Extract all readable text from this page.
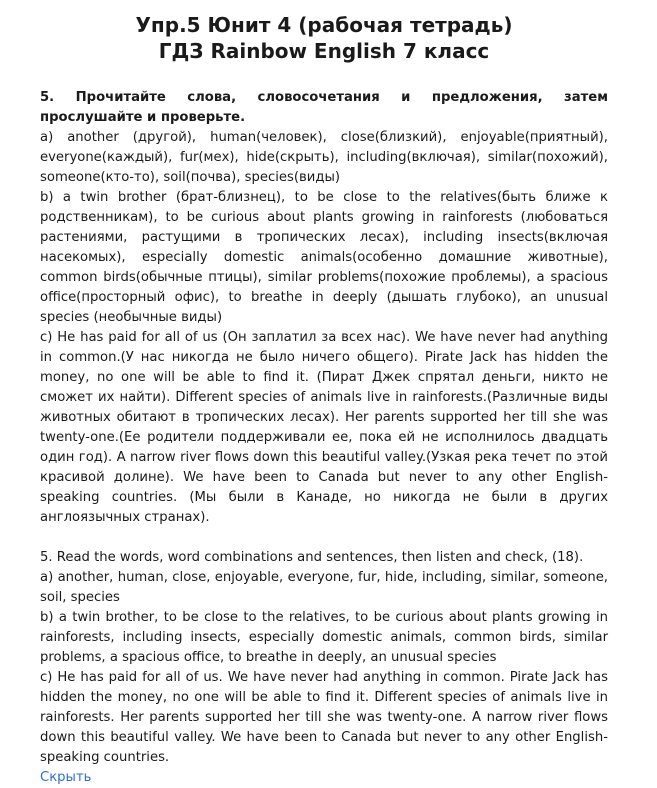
Упр.5 Юнит 4 (рабочая тетрадь)
ГДЗ Rainbow English 7 класс

5. Прочитайте слова, словосочетания и предложения, затем прослушайте и проверьте.

a) another (другой), human(человек), close(близкий), enjoyable(приятный), everyone(каждый), fur(мех), hide(скрыть), including(включая), similar(похожий), someone(кто-то), soil(почва), species(виды)

b) a twin brother (брат-близнец), to be close to the relatives(быть ближе к родственникам), to be curious about plants growing in rainforests (любоваться растениями, растущими в тропических лесах), including insects(включая насекомых), especially domestic animals(особенно домашние животные), common birds(обычные птицы), similar problems(похожие проблемы), a spacious office(просторный офис), to breathe in deeply (дышать глубоко), an unusual species (необычные виды)

c) He has paid for all of us (Он заплатил за всех нас). We have never had anything in common.(У нас никогда не было ничего общего). Pirate Jack has hidden the money, no one will be able to find it. (Пират Джек спрятал деньги, никто не сможет их найти). Different species of animals live in rainforests.(Различные виды животных обитают в тропических лесах). Her parents supported her till she was twenty-one.(Ее родители поддерживали ее, пока ей не исполнилось двадцать один год). A narrow river flows down this beautiful valley.(Узкая река течет по этой красивой долине). We have been to Canada but never to any other English-speaking countries. (Мы были в Канаде, но никогда не были в других англоязычных странах).

5. Read the words, word combinations and sentences, then listen and check, (18).

a) another, human, close, enjoyable, everyone, fur, hide, including, similar, someone, soil, species

b) a twin brother, to be close to the relatives, to be curious about plants growing in rainforests, including insects, especially domestic animals, common birds, similar problems, a spacious office, to breathe in deeply, an unusual species

c) He has paid for all of us. We have never had anything in common. Pirate Jack has hidden the money, no one will be able to find it. Different species of animals live in rainforests. Her parents supported her till she was twenty-one. A narrow river flows down this beautiful valley. We have been to Canada but never to any other English-speaking countries.

Скрыть
